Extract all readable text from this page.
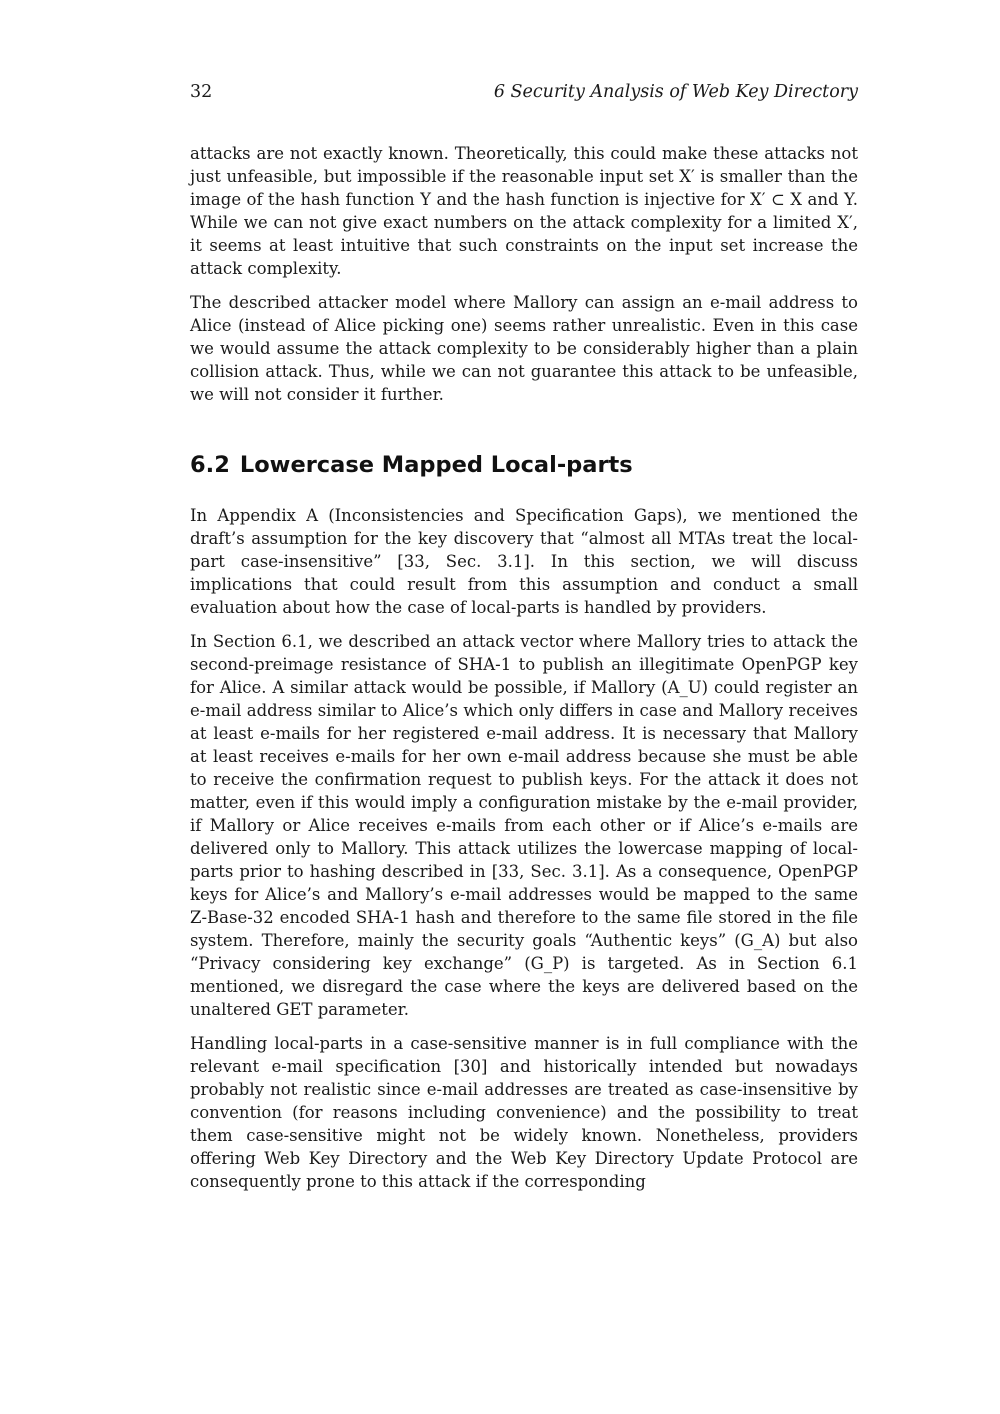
32	6 Security Analysis of Web Key Directory

attacks are not exactly known. Theoretically, this could make these attacks not just unfeasible, but impossible if the reasonable input set X′ is smaller than the image of the hash function Y and the hash function is injective for X′ ⊂ X and Y. While we can not give exact numbers on the attack complexity for a limited X′, it seems at least intuitive that such constraints on the input set increase the attack complexity.

The described attacker model where Mallory can assign an e-mail address to Alice (instead of Alice picking one) seems rather unrealistic. Even in this case we would assume the attack complexity to be considerably higher than a plain collision attack. Thus, while we can not guarantee this attack to be unfeasible, we will not consider it further.

6.2 Lowercase Mapped Local-parts

In Appendix A (Inconsistencies and Specification Gaps), we mentioned the draft’s assumption for the key discovery that “almost all MTAs treat the local-part case-insensitive” [33, Sec. 3.1]. In this section, we will discuss implications that could result from this assumption and conduct a small evaluation about how the case of local-parts is handled by providers.

In Section 6.1, we described an attack vector where Mallory tries to attack the second-preimage resistance of SHA-1 to publish an illegitimate OpenPGP key for Alice. A similar attack would be possible, if Mallory (A_U) could register an e-mail address similar to Alice’s which only differs in case and Mallory receives at least e-mails for her registered e-mail address. It is necessary that Mallory at least receives e-mails for her own e-mail address because she must be able to receive the confirmation request to publish keys. For the attack it does not matter, even if this would imply a configuration mistake by the e-mail provider, if Mallory or Alice receives e-mails from each other or if Alice’s e-mails are delivered only to Mallory. This attack utilizes the lowercase mapping of local-parts prior to hashing described in [33, Sec. 3.1]. As a consequence, OpenPGP keys for Alice’s and Mallory’s e-mail addresses would be mapped to the same Z-Base-32 encoded SHA-1 hash and therefore to the same file stored in the file system. Therefore, mainly the security goals “Authentic keys” (G_A) but also “Privacy considering key exchange” (G_P) is targeted. As in Section 6.1 mentioned, we disregard the case where the keys are delivered based on the unaltered GET parameter.

Handling local-parts in a case-sensitive manner is in full compliance with the relevant e-mail specification [30] and historically intended but nowadays probably not realistic since e-mail addresses are treated as case-insensitive by convention (for reasons including convenience) and the possibility to treat them case-sensitive might not be widely known. Nonetheless, providers offering Web Key Directory and the Web Key Directory Update Protocol are consequently prone to this attack if the corresponding
